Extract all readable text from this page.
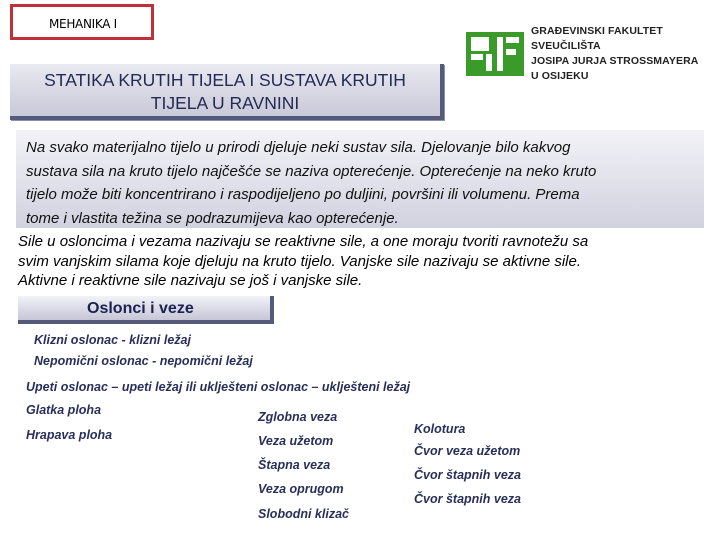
MEHANIKA I	GRAĐEVINSKI FAKULTET
SVEUČILIŠTA
JOSIPA JURJA STROSSMAYERA
U OSIJEKU
STATIKA KRUTIH TIJELA I SUSTAVA KRUTIH
TIJELA U RAVNINI

Na svako materijalno tijelo u prirodi djeluje neki sustav sila. Djelovanje bilo kakvog
sustava sila na kruto tijelo najčešće se naziva opterećenje. Opterećenje na neko kruto
tijelo može biti koncentrirano i raspodijeljeno po duljini, površini ili volumenu. Prema
tome i vlastita težina se podrazumijeva kao opterećenje.

Sile u osloncima i vezama nazivaju se reaktivne sile, a one moraju tvoriti ravnotežu sa
svim vanjskim silama koje djeluju na kruto tijelo. Vanjske sile nazivaju se aktivne sile.
Aktivne i reaktivne sile nazivaju se još i vanjske sile.

Oslonci i veze
Klizni oslonac - klizni ležaj
Nepomični oslonac - nepomični ležaj
Upeti oslonac – upeti ležaj ili uklješteni oslonac – uklješteni ležaj
Glatka ploha
Hrapava ploha
Zglobna veza
Veza užetom
Štapna veza
Veza oprugom
Slobodni klizač
Kolotura
Čvor veza užetom
Čvor štapnih veza
Čvor štapnih veza
